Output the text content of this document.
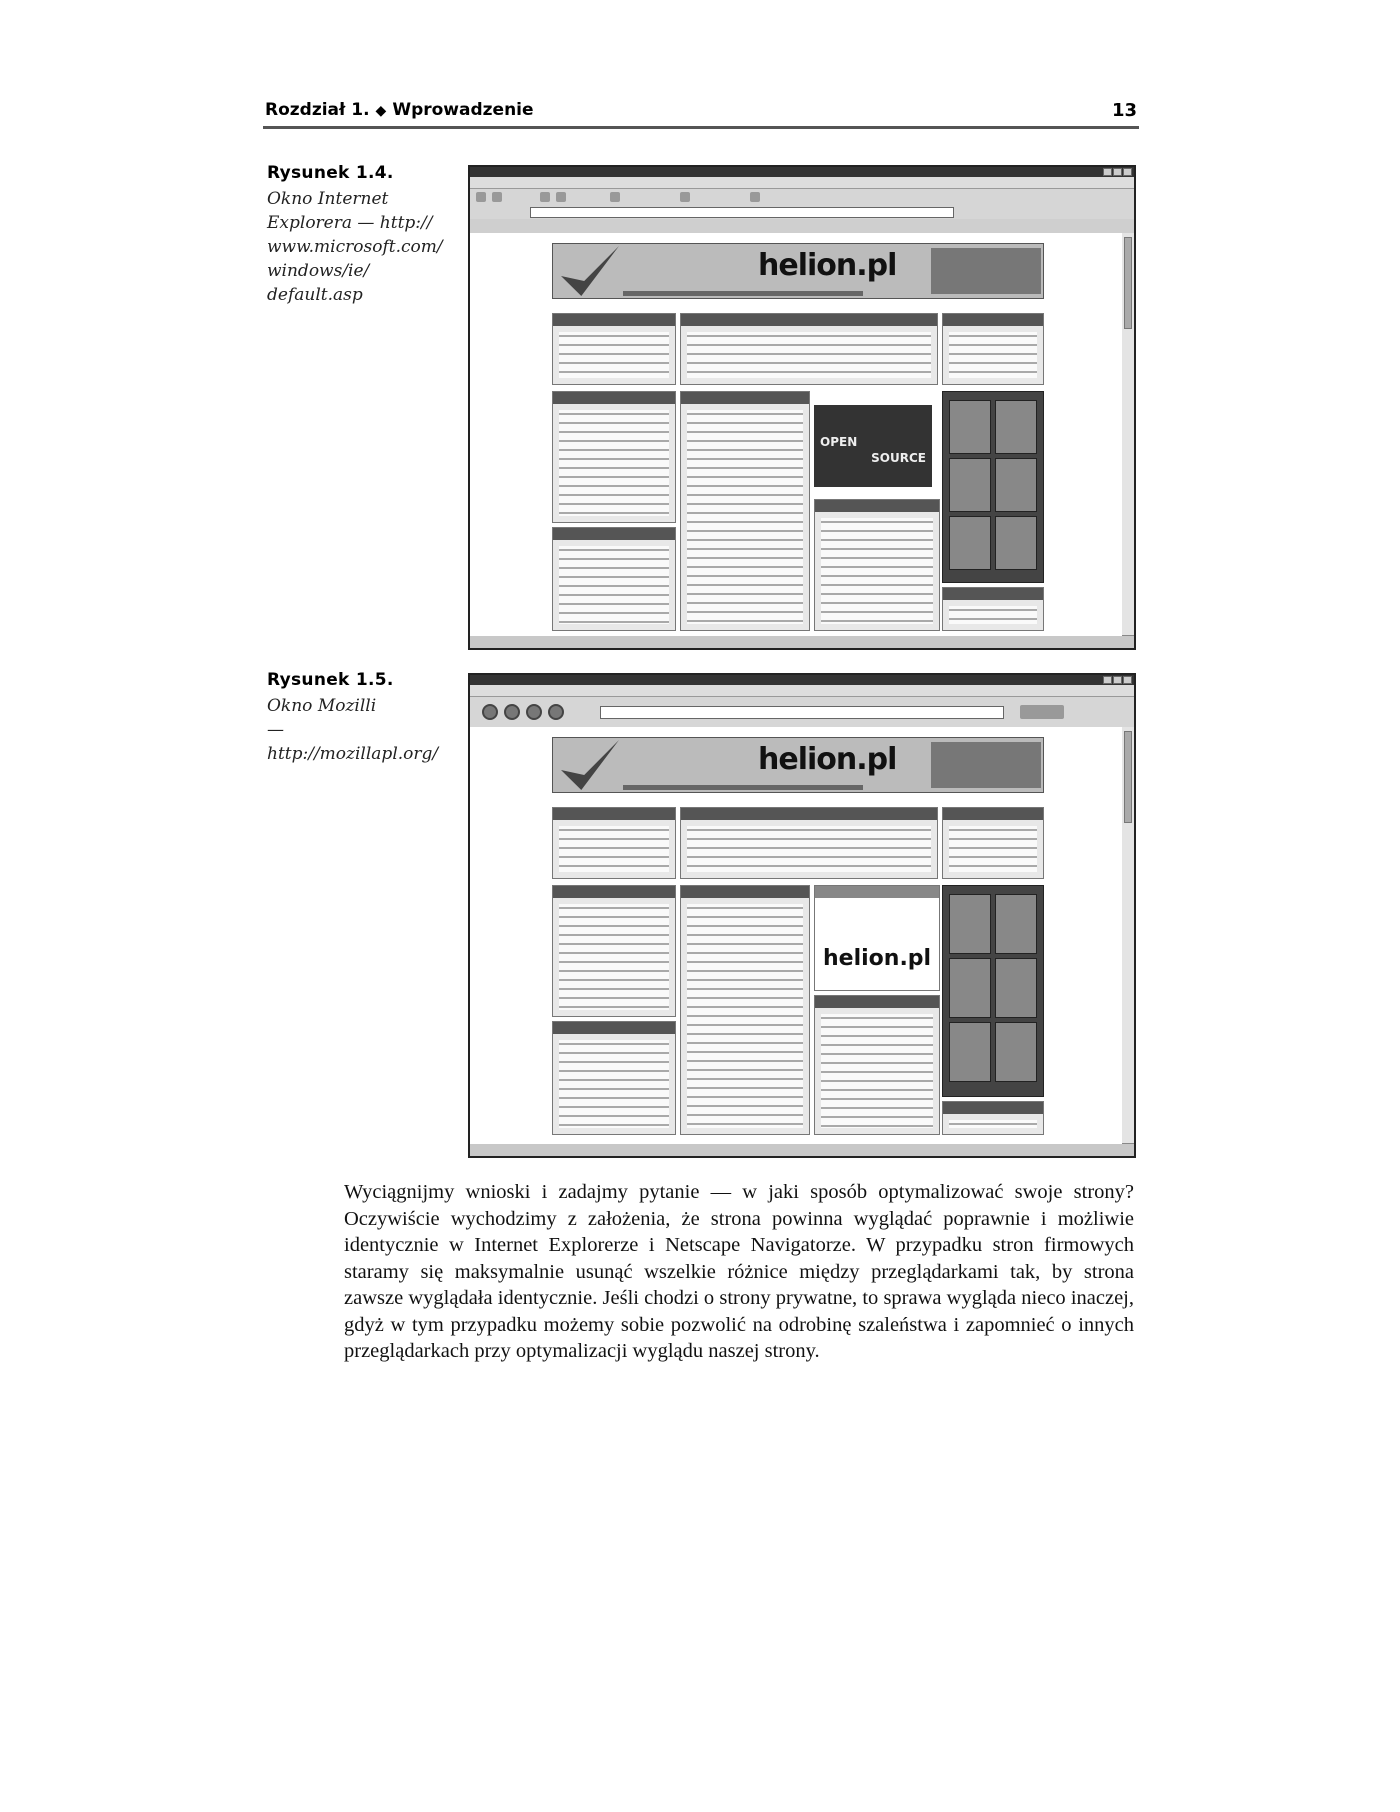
Rozdział 1. ◆ Wprowadzenie	13
Rysunek 1.4.
Okno Internet
Explorera — http://
www.microsoft.com/
windows/ie/
default.asp
helion.pl
OPEN
SOURCE
Rysunek 1.5.
Okno Mozilli
— http://mozillapl.org/	helion.pl
helion.pl
Wyciągnijmy wnioski i zadajmy pytanie — w jaki sposób optymalizować swoje strony? Oczywiście wychodzimy z założenia, że strona powinna wyglądać poprawnie i możliwie identycznie w Internet Explorerze i Netscape Navigatorze. W przypadku stron firmowych staramy się maksymalnie usunąć wszelkie różnice między przeglądarkami tak, by strona zawsze wyglądała identycznie. Jeśli chodzi o strony prywatne, to sprawa wygląda nieco inaczej, gdyż w tym przypadku możemy sobie pozwolić na odrobinę szaleństwa i zapomnieć o innych przeglądarkach przy optymalizacji wyglądu naszej strony.
